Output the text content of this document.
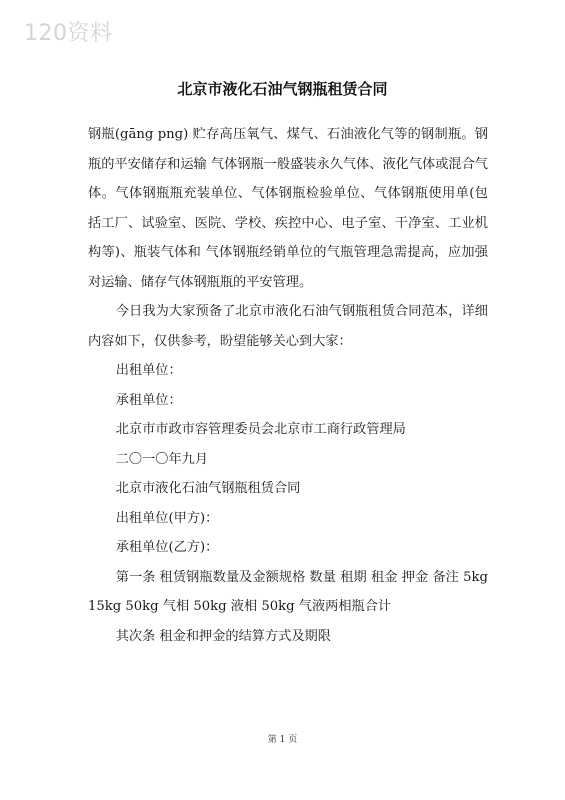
120资料
北京市液化石油气钢瓶租赁合同

钢瓶(gāng pnɡ) 贮存高压氧气、煤气、石油液化气等的钢制瓶。钢瓶的平安储存和运输 气体钢瓶一般盛装永久气体、液化气体或混合气体。气体钢瓶瓶充装单位、气体钢瓶检验单位、气体钢瓶使用单(包括工厂、试验室、医院、学校、疾控中心、电子室、干净室、工业机构等)、瓶装气体和 气体钢瓶经销单位的气瓶管理急需提高，应加强对运输、储存气体钢瓶瓶的平安管理。

今日我为大家预备了北京市液化石油气钢瓶租赁合同范本，详细内容如下，仅供参考，盼望能够关心到大家：

出租单位：

承租单位：

北京市市政市容管理委员会北京市工商行政管理局

二〇一〇年九月

北京市液化石油气钢瓶租赁合同

出租单位(甲方)：

承租单位(乙方)：

第一条 租赁钢瓶数量及金额规格 数量 租期 租金 押金 备注 5kg 15kg 50kg 气相 50kg 液相 50kg 气液两相瓶合计

其次条 租金和押金的结算方式及期限

第 1 页
